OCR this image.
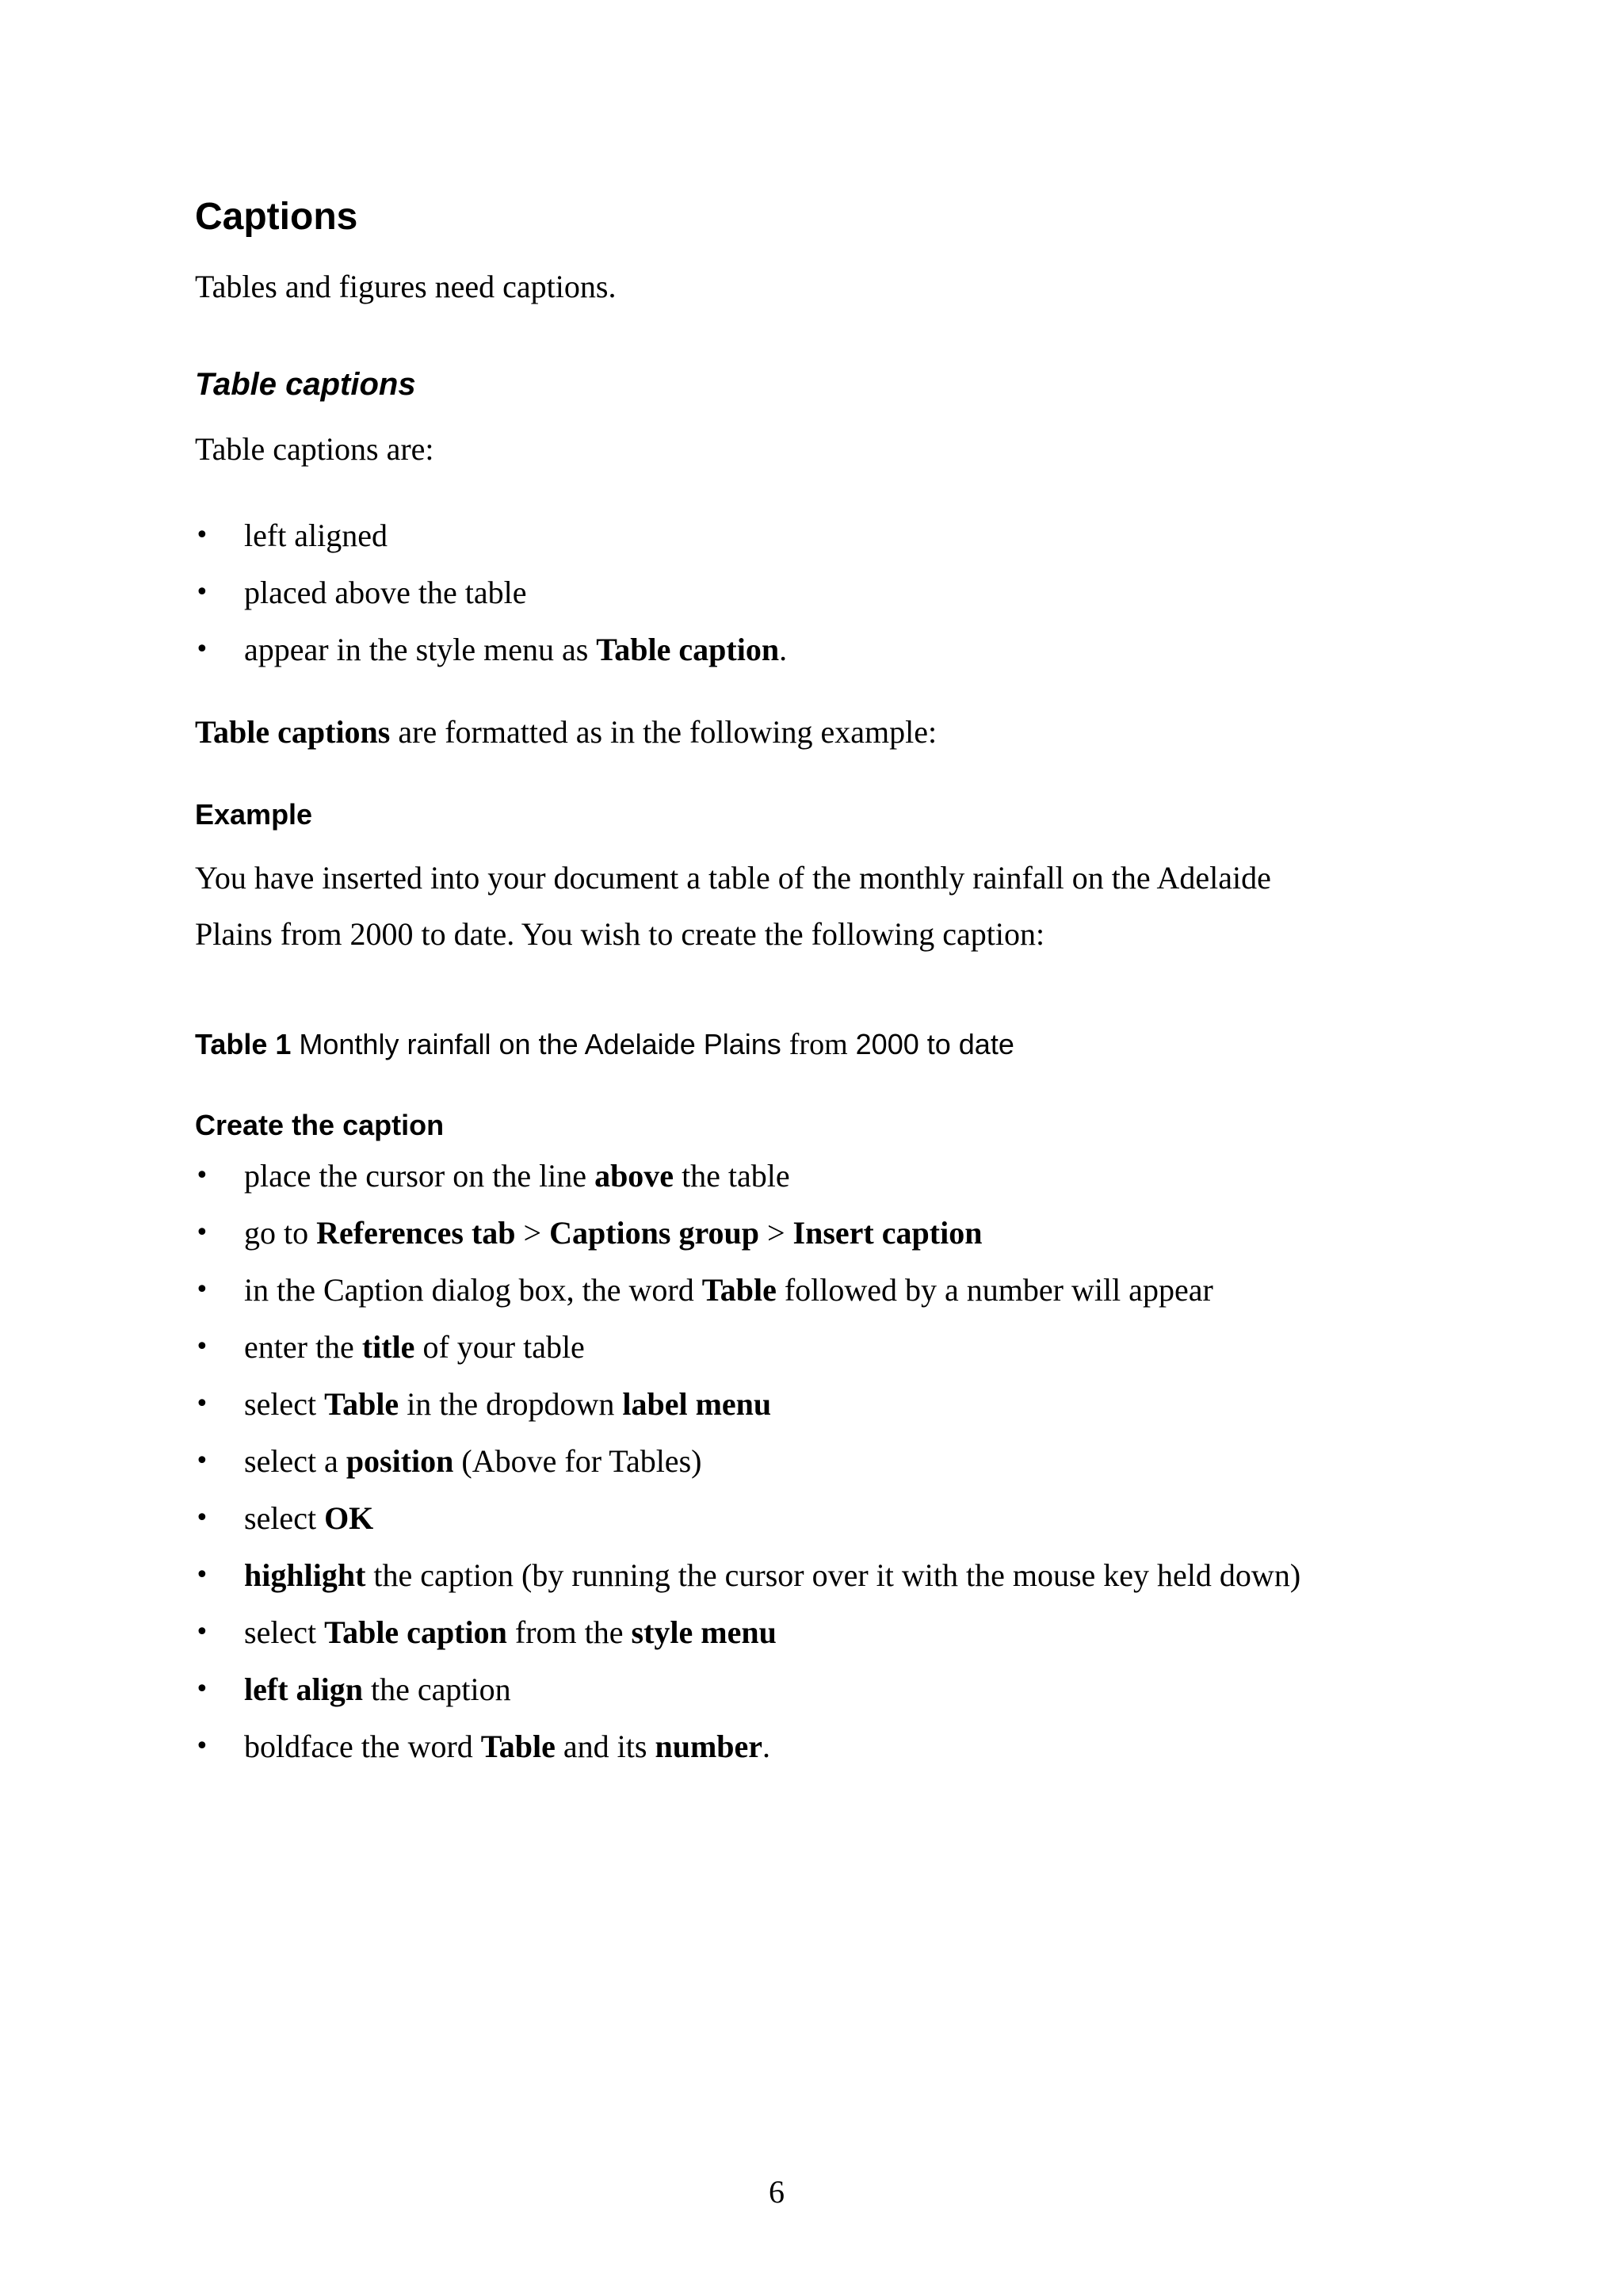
Captions
Tables and figures need captions.
Table captions
Table captions are:
•	left aligned
•	placed above the table
•	appear in the style menu as Table caption.
Table captions are formatted as in the following example:
Example
You have inserted into your document a table of the monthly rainfall on the Adelaide
Plains from 2000 to date. You wish to create the following caption:
Table 1 Monthly rainfall on the Adelaide Plains from 2000 to date
Create the caption
•	place the cursor on the line above the table
•	go to References tab > Captions group > Insert caption
•	in the Caption dialog box, the word Table followed by a number will appear
•	enter the title of your table
•	select Table in the dropdown label menu
•	select a position (Above for Tables)
•	select OK
•	highlight the caption (by running the cursor over it with the mouse key held down)
•	select Table caption from the style menu
•	left align the caption
•	boldface the word Table and its number.
6
